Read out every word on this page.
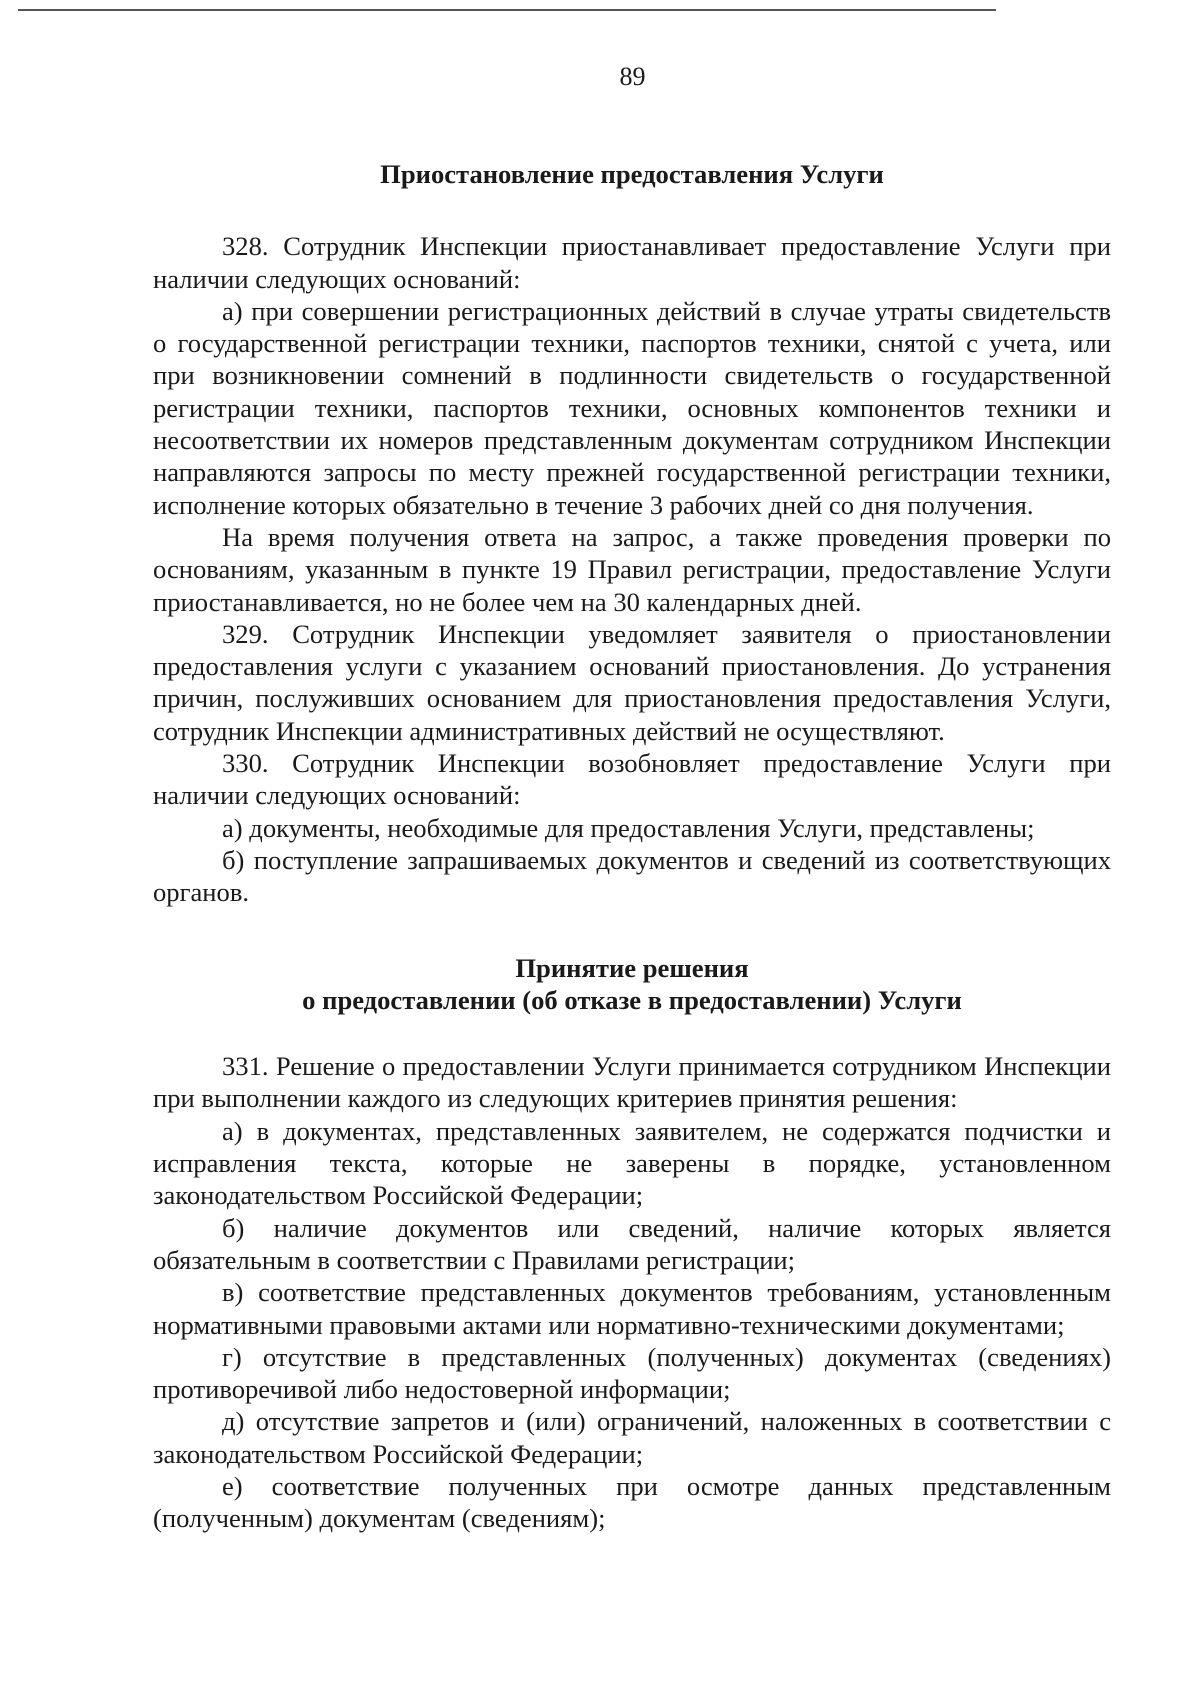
89

Приостановление предоставления Услуги

328. Сотрудник Инспекции приостанавливает предоставление Услуги при наличии следующих оснований:

а) при совершении регистрационных действий в случае утраты свидетельств о государственной регистрации техники, паспортов техники, снятой с учета, или при возникновении сомнений в подлинности свидетельств о государственной регистрации техники, паспортов техники, основных компонентов техники и несоответствии их номеров представленным документам сотрудником Инспекции направляются запросы по месту прежней государственной регистрации техники, исполнение которых обязательно в течение 3 рабочих дней со дня получения.

На время получения ответа на запрос, а также проведения проверки по основаниям, указанным в пункте 19 Правил регистрации, предоставление Услуги приостанавливается, но не более чем на 30 календарных дней.

329. Сотрудник Инспекции уведомляет заявителя о приостановлении предоставления услуги с указанием оснований приостановления. До устранения причин, послуживших основанием для приостановления предоставления Услуги, сотрудник Инспекции административных действий не осуществляют.

330. Сотрудник Инспекции возобновляет предоставление Услуги при наличии следующих оснований:

а) документы, необходимые для предоставления Услуги, представлены;

б) поступление запрашиваемых документов и сведений из соответствующих органов.

Принятие решения
о предоставлении (об отказе в предоставлении) Услуги

331. Решение о предоставлении Услуги принимается сотрудником Инспекции при выполнении каждого из следующих критериев принятия решения:

а) в документах, представленных заявителем, не содержатся подчистки и исправления текста, которые не заверены в порядке, установленном законодательством Российской Федерации;

б) наличие документов или сведений, наличие которых является обязательным в соответствии с Правилами регистрации;

в) соответствие представленных документов требованиям, установленным нормативными правовыми актами или нормативно-техническими документами;

г) отсутствие в представленных (полученных) документах (сведениях) противоречивой либо недостоверной информации;

д) отсутствие запретов и (или) ограничений, наложенных в соответствии с законодательством Российской Федерации;

е) соответствие полученных при осмотре данных представленным (полученным) документам (сведениям);
